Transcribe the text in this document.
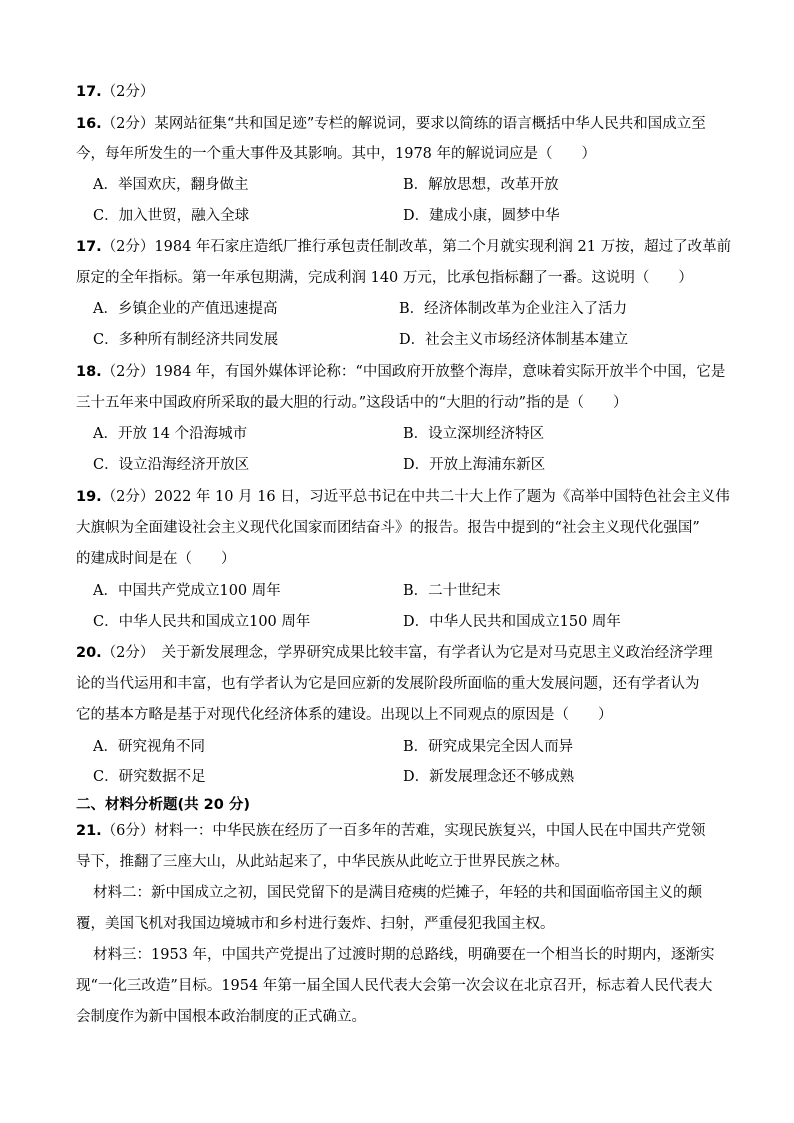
17.（2分）
16.（2分）某网站征集“共和国足迹”专栏的解说词，要求以简练的语言概括中华人民共和国成立至
今，每年所发生的一个重大事件及其影响。其中，1978 年的解说词应是（　　）
A．举国欢庆，翻身做主	B．解放思想，改革开放
C．加入世贸，融入全球	D．建成小康，圆梦中华
17.（2分）1984 年石家庄造纸厂推行承包责任制改革，第二个月就实现利润 21 万按，超过了改革前
原定的全年指标。第一年承包期满，完成利润 140 万元，比承包指标翻了一番。这说明（　　）
A．乡镇企业的产值迅速提高	B．经济体制改革为企业注入了活力
C．多种所有制经济共同发展	D．社会主义市场经济体制基本建立
18.（2分）1984 年，有国外媒体评论称：“中国政府开放整个海岸，意味着实际开放半个中国，它是
三十五年来中国政府所采取的最大胆的行动。”这段话中的“大胆的行动”指的是（　　）
A．开放 14 个沿海城市	B．设立深圳经济特区
C．设立沿海经济开放区	D．开放上海浦东新区
19.（2分）2022 年 10 月 16 日，习近平总书记在中共二十大上作了题为《高举中国特色社会主义伟
大旗帜为全面建设社会主义现代化国家而团结奋斗》的报告。报告中提到的“社会主义现代化强国”
的建成时间是在（　　）
A．中国共产党成立100 周年	B．二十世纪末
C．中华人民共和国成立100 周年	D．中华人民共和国成立150 周年
20.（2分）　关于新发展理念，学界研究成果比较丰富，有学者认为它是对马克思主义政治经济学理
论的当代运用和丰富，也有学者认为它是回应新的发展阶段所面临的重大发展问题，还有学者认为
它的基本方略是基于对现代化经济体系的建设。出现以上不同观点的原因是（　　）
A．研究视角不同	B．研究成果完全因人而异
C．研究数据不足	D．新发展理念还不够成熟
二、材料分析题(共 20 分)
21.（6分）材料一：中华民族在经历了一百多年的苦难，实现民族复兴，中国人民在中国共产党领
导下，推翻了三座大山，从此站起来了，中华民族从此屹立于世界民族之林。
材料二：新中国成立之初，国民党留下的是满目疮痍的烂摊子，年轻的共和国面临帝国主义的颠
覆，美国飞机对我国边境城市和乡村进行轰炸、扫射，严重侵犯我国主权。
材料三：1953 年，中国共产党提出了过渡时期的总路线，明确要在一个相当长的时期内，逐渐实
现“一化三改造”目标。1954 年第一届全国人民代表大会第一次会议在北京召开，标志着人民代表大
会制度作为新中国根本政治制度的正式确立。
